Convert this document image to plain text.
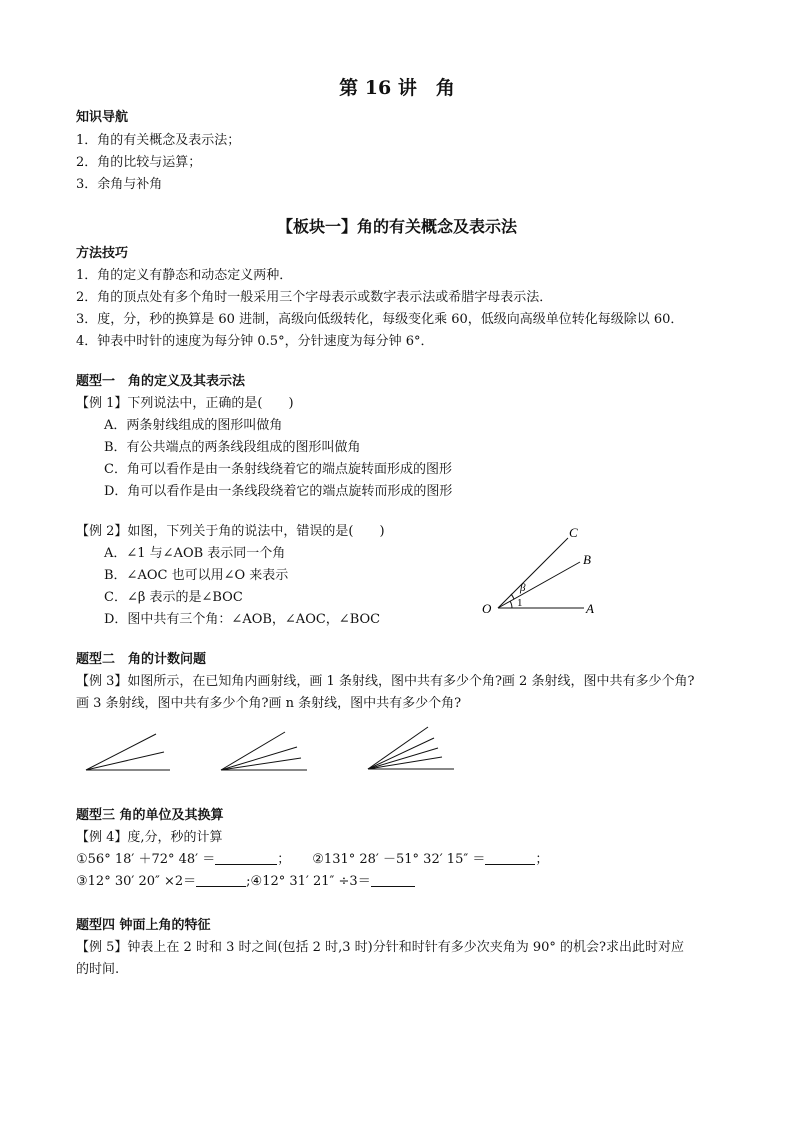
第 16 讲　角
知识导航
1．角的有关概念及表示法；
2．角的比较与运算；
3．余角与补角
【板块一】角的有关概念及表示法
方法技巧
1．角的定义有静态和动态定义两种．
2．角的顶点处有多个角时一般采用三个字母表示或数字表示法或希腊字母表示法．
3．度，分，秒的换算是 60 进制，高级向低级转化，每级变化乘 60，低级向高级单位转化每级除以 60．
4．钟表中时针的速度为每分钟 0.5°，分针速度为每分钟 6°．
题型一　角的定义及其表示法
【例 1】下列说法中，正确的是(　　)
A．两条射线组成的图形叫做角
B．有公共端点的两条线段组成的图形叫做角
C．角可以看作是由一条射线绕着它的端点旋转面形成的图形
D．角可以看作是由一条线段绕着它的端点旋转而形成的图形
【例 2】如图，下列关于角的说法中，错误的是(　　)
A．∠1 与∠AOB 表示同一个角
B．∠AOC 也可以用∠O 来表示
C．∠β 表示的是∠BOC
D．图中共有三个角：∠AOB，∠AOC，∠BOC
O	A
B
C
β
1
题型二　角的计数问题
【例 3】如图所示，在已知角内画射线，画 1 条射线，图中共有多少个角?画 2 条射线，图中共有多少个角?
画 3 条射线，图中共有多少个角?画 n 条射线，图中共有多少个角?
题型三 角的单位及其换算
【例 4】度,分，秒的计算
①56° 18′ ＋72° 48′ ＝	； ②131° 28′ －51° 32′ 15″ ＝	；
③12° 30′ 20″ ×2＝	;④12° 31′ 21″ ÷3＝
题型四 钟面上角的特征
【例 5】钟表上在 2 时和 3 时之间(包括 2 时,3 时)分针和时针有多少次夹角为 90° 的机会?求出此时对应
的时间.
